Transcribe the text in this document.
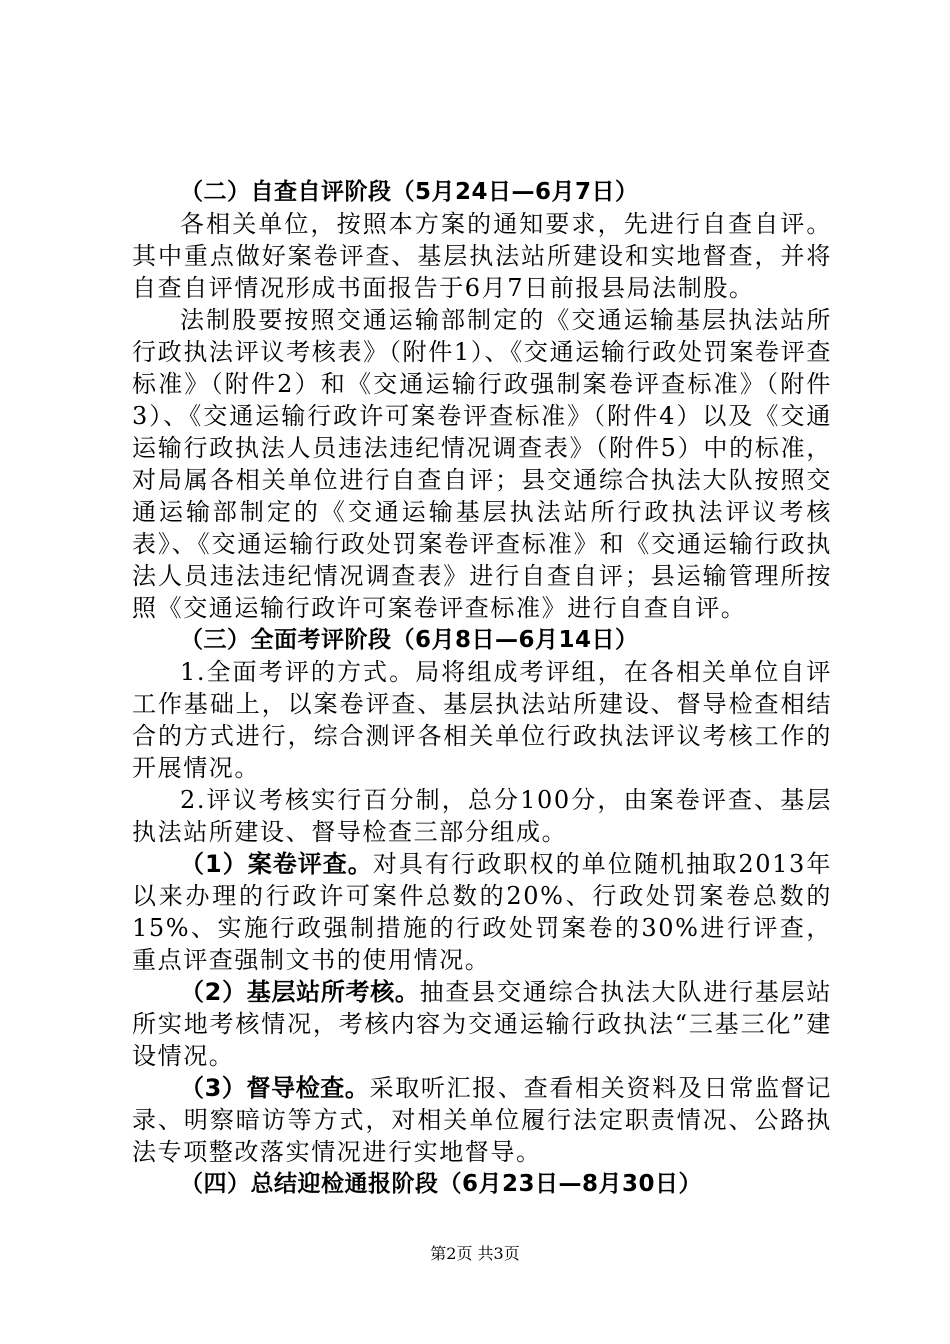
（二）自查自评阶段（5月24日—6月7日）

各相关单位，按照本方案的通知要求，先进行自查自评。其中重点做好案卷评查、基层执法站所建设和实地督查，并将自查自评情况形成书面报告于6月7日前报县局法制股。

法制股要按照交通运输部制定的《交通运输基层执法站所行政执法评议考核表》（附件1）、《交通运输行政处罚案卷评查标准》（附件2）和《交通运输行政强制案卷评查标准》（附件3）、《交通运输行政许可案卷评查标准》（附件4）以及《交通运输行政执法人员违法违纪情况调查表》（附件5）中的标准，对局属各相关单位进行自查自评；县交通综合执法大队按照交通运输部制定的《交通运输基层执法站所行政执法评议考核表》、《交通运输行政处罚案卷评查标准》和《交通运输行政执法人员违法违纪情况调查表》进行自查自评；县运输管理所按照《交通运输行政许可案卷评查标准》进行自查自评。

（三）全面考评阶段（6月8日—6月14日）

1.全面考评的方式。局将组成考评组，在各相关单位自评工作基础上，以案卷评查、基层执法站所建设、督导检查相结合的方式进行，综合测评各相关单位行政执法评议考核工作的开展情况。

2.评议考核实行百分制，总分100分，由案卷评查、基层执法站所建设、督导检查三部分组成。

（1）案卷评查。对具有行政职权的单位随机抽取2013年以来办理的行政许可案件总数的20%、行政处罚案卷总数的15%、实施行政强制措施的行政处罚案卷的30%进行评查，重点评查强制文书的使用情况。

（2）基层站所考核。抽查县交通综合执法大队进行基层站所实地考核情况，考核内容为交通运输行政执法“三基三化”建设情况。

（3）督导检查。采取听汇报、查看相关资料及日常监督记录、明察暗访等方式，对相关单位履行法定职责情况、公路执法专项整改落实情况进行实地督导。

（四）总结迎检通报阶段（6月23日—8月30日）

第2页 共3页
